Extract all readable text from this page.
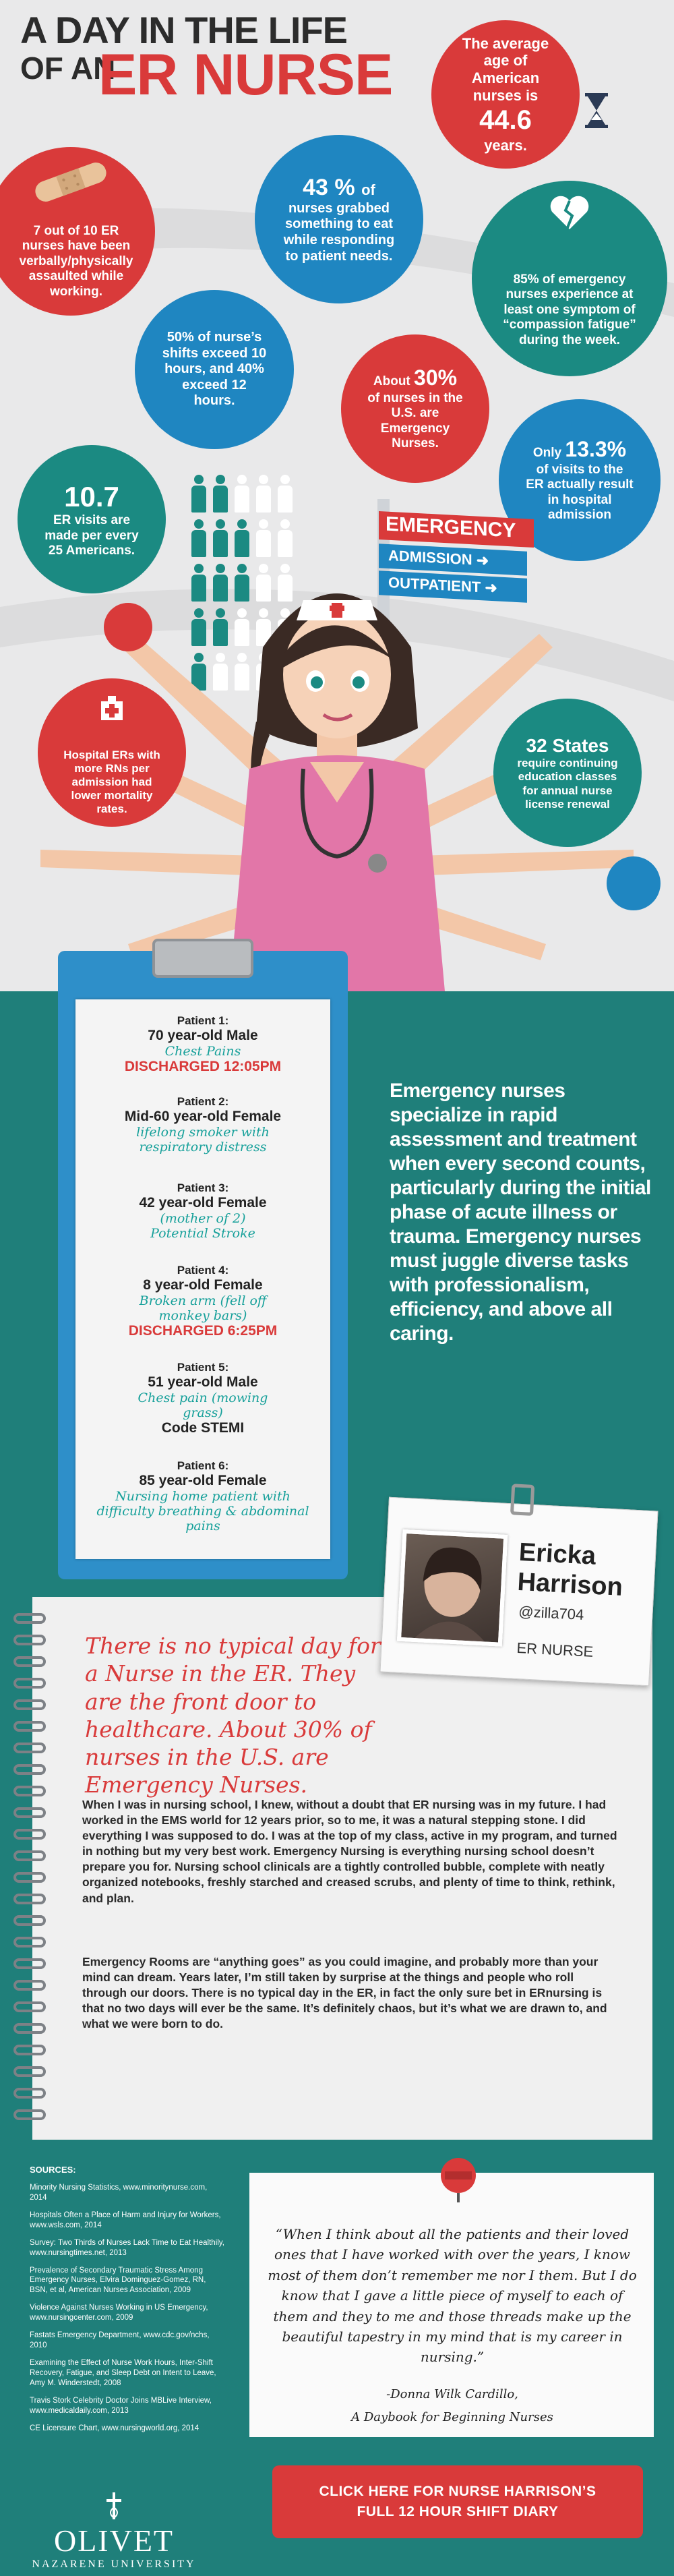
A DAY IN THE LIFE
OF AN
ER NURSE	The average age of American nurses is
44.6
years.
7 out of 10 ER nurses have been verbally/physically assaulted while working.
43 % of
nurses grabbed something to eat while responding to patient needs.
85% of emergency nurses experience at least one symptom of “compassion fatigue” during the week.
50% of nurse’s shifts exceed 10 hours, and 40% exceed 12 hours.
About 30%
of nurses in the U.S. are Emergency Nurses.
Only 13.3%
of visits to the ER actually result in hospital admission
10.7
ER visits are made per every 25 Americans.
EMERGENCY
ADMISSION ➜
OUTPATIENT ➜
Hospital ERs with more RNs per admission had lower mortality rates.
32 States
require continuing education classes for annual nurse license renewal
Patient 1:
70 year-old Male
Chest Pains
DISCHARGED 12:05PM
Patient 2:
Mid-60 year-old Female
lifelong smoker with respiratory distress
Patient 3:
42 year-old Female
(mother of 2) Potential Stroke
Patient 4:
8 year-old Female
Broken arm (fell off monkey bars)
DISCHARGED 6:25PM
Patient 5:
51 year-old Male
Chest pain (mowing grass)
Code STEMI
Patient 6:
85 year-old Female
Nursing home patient with difficulty breathing & abdominal pains
Emergency nurses specialize in rapid assessment and treatment when every second counts, particularly during the initial phase of acute illness or trauma. Emergency nurses must juggle diverse tasks with professionalism, efficiency, and above all caring.
Ericka
Harrison
@zilla704
ER NURSE
There is no typical day for a Nurse in the ER. They are the front door to healthcare. About 30% of nurses in the U.S. are Emergency Nurses.
When I was in nursing school, I knew, without a doubt that ER nursing was in my future. I had worked in the EMS world for 12 years prior, so to me, it was a natural stepping stone. I did everything I was supposed to do. I was at the top of my class, active in my program, and turned in nothing but my very best work. Emergency Nursing is everything nursing school doesn’t prepare you for. Nursing school clinicals are a tightly controlled bubble, complete with neatly organized notebooks, freshly starched and creased scrubs, and plenty of time to think, rethink, and plan.
Emergency Rooms are “anything goes” as you could imagine, and probably more than your mind can dream. Years later, I’m still taken by surprise at the things and people who roll through our doors. There is no typical day in the ER, in fact the only sure bet in ERnursing is that no two days will ever be the same. It’s definitely chaos, but it’s what we are drawn to, and what we were born to do.
SOURCES:

Minority Nursing Statistics, www.minoritynurse.com, 2014

Hospitals Often a Place of Harm and Injury for Workers, www.wsls.com, 2014

Survey: Two Thirds of Nurses Lack Time to Eat Healthily, www.nursingtimes.net, 2013

Prevalence of Secondary Traumatic Stress Among Emergency Nurses, Elvira Dominguez-Gomez, RN, BSN, et al, American Nurses Association, 2009

Violence Against Nurses Working in US Emergency, www.nursingcenter.com, 2009

Fastats Emergency Department, www.cdc.gov/nchs, 2010

Examining the Effect of Nurse Work Hours, Inter-Shift Recovery, Fatigue, and Sleep Debt on Intent to Leave, Amy M. Winderstedt, 2008

Travis Stork Celebrity Doctor Joins MBLive Interview, www.medicaldaily.com, 2013

CE Licensure Chart, www.nursingworld.org, 2014

“When I think about all the patients and their loved ones that I have worked with over the years, I know most of them don’t remember me nor I them. But I do know that I gave a little piece of myself to each of them and they to me and those threads make up the beautiful tapestry in my mind that is my career in nursing.”
-Donna Wilk Cardillo,
A Daybook for Beginning Nurses
CLICK HERE FOR NURSE HARRISON’S
FULL 12 HOUR SHIFT DIARY
OLIVET
NAZARENE UNIVERSITY
